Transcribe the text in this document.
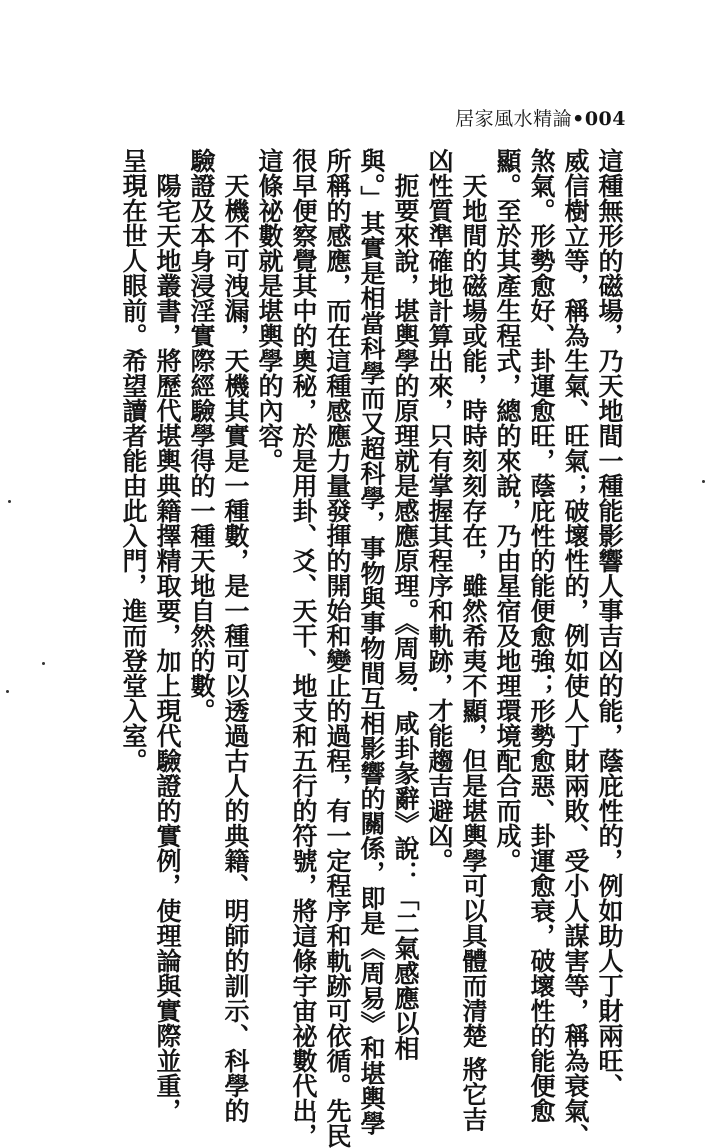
居家風水精論•004
這種無形的磁場，乃天地間一種能影響人事吉凶的能，蔭庇性的，例如助人丁財兩旺、
威信樹立等，稱為生氣、旺氣；破壞性的，例如使人丁財兩敗、受小人謀害等，稱為衰氣、
煞氣。形勢愈好、卦運愈旺，蔭庇性的能便愈強；形勢愈惡、卦運愈衰，破壞性的能便愈
顯。至於其產生程式，總的來說，乃由星宿及地理環境配合而成。
　天地間的磁場或能，時時刻刻存在，雖然希夷不顯，但是堪輿學可以具體而清楚 將它吉
凶性質準確地計算出來，只有掌握其程序和軌跡，才能趨吉避凶。
　扼要來說，堪輿學的原理就是感應原理。《周易．咸卦彖辭》說：「二氣感應以相
與。」其實是相當科學而又超科學，事物與事物間互相影響的關係，即是《周易》和堪輿學
所稱的感應，而在這種感應力量發揮的開始和變止的過程，有一定程序和軌跡可依循。先民
很早便察覺其中的奧秘，於是用卦、爻、天干、地支和五行的符號，將這條宇宙祕數代出，
這條祕數就是堪輿學的內容。
　天機不可洩漏，天機其實是一種數，是一種可以透過古人的典籍、明師的訓示、科學的
驗證及本身浸淫實際經驗學得的一種天地自然的數。
　陽宅天地叢書，將歷代堪輿典籍擇精取要，加上現代驗證的實例，使理論與實際並重，
呈現在世人眼前。希望讀者能由此入門，進而登堂入室。
